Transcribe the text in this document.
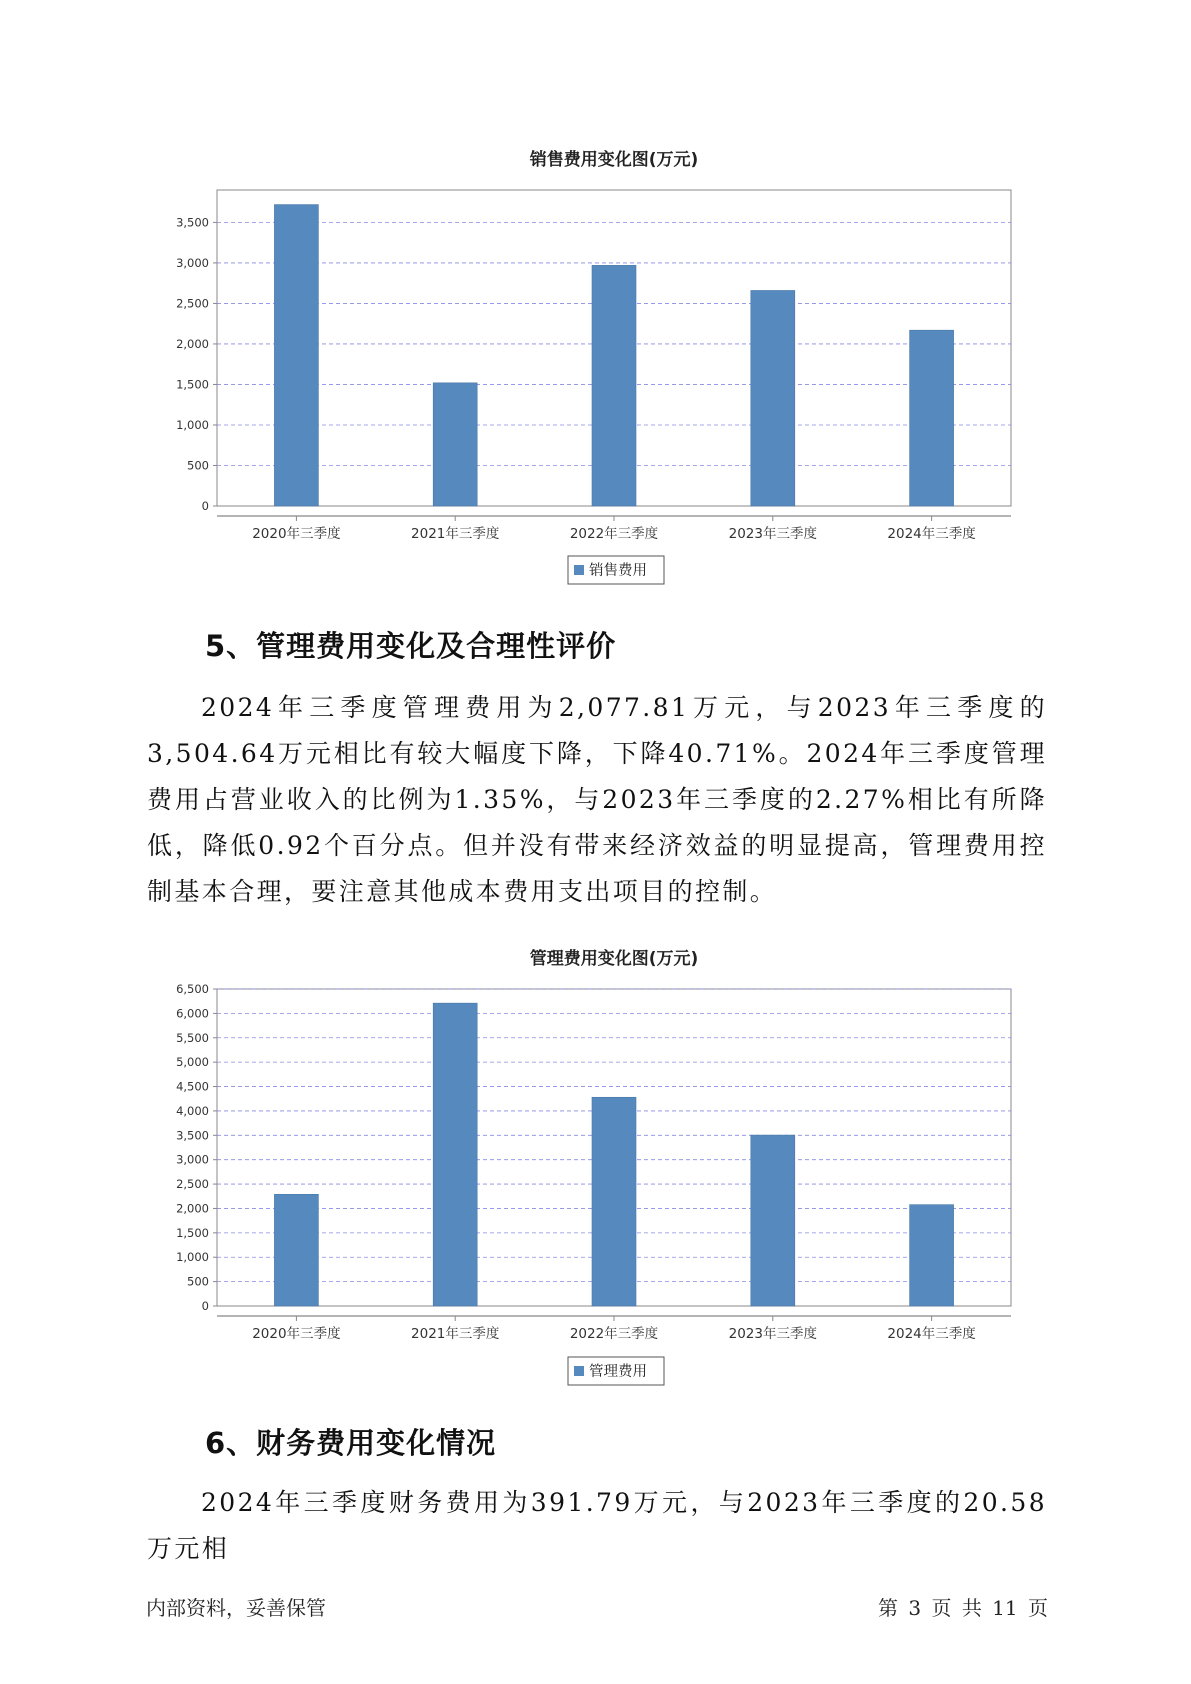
销售费用变化图(万元)
0
500
1,000
1,500
2,000
2,500
3,000
3,500
2020年三季度	2021年三季度	2022年三季度	2023年三季度	2024年三季度
销售费用
5、管理费用变化及合理性评价

2024年三季度管理费用为2,077.81万元，与2023年三季度的3,504.64万元相比有较大幅度下降，下降40.71%。2024年三季度管理费用占营业收入的比例为1.35%，与2023年三季度的2.27%相比有所降低，降低0.92个百分点。但并没有带来经济效益的明显提高，管理费用控制基本合理，要注意其他成本费用支出项目的控制。

管理费用变化图(万元)
0
500
1,000
1,500
2,000
2,500
3,000
3,500
4,000
4,500
5,000
5,500
6,000
6,500
2020年三季度	2021年三季度	2022年三季度	2023年三季度	2024年三季度
管理费用
6、财务费用变化情况

2024年三季度财务费用为391.79万元，与2023年三季度的20.58万元相

内部资料，妥善保管	第 3 页 共 11 页
